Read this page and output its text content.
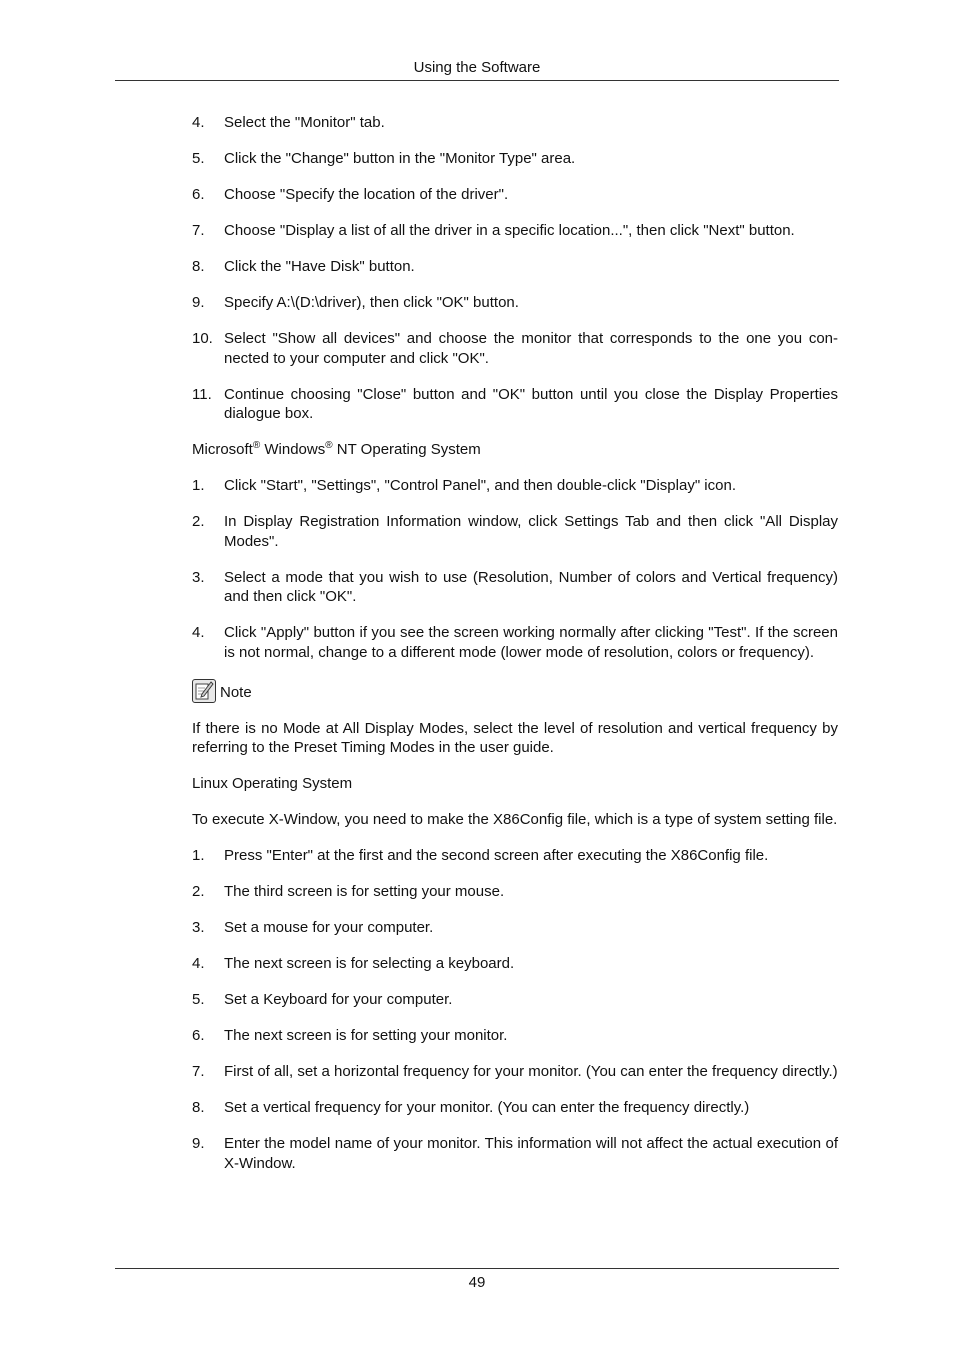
Using the Software
4.	Select the "Monitor" tab.
5.	Click the "Change" button in the "Monitor Type" area.
6.	Choose "Specify the location of the driver".
7.	Choose "Display a list of all the driver in a specific location...", then click "Next" button.
8.	Click the "Have Disk" button.
9.	Specify A:\(D:\driver), then click "OK" button.
10. Select "Show all devices" and choose the monitor that corresponds to the one you con-nected to your computer and click "OK".
11. Continue choosing "Close" button and "OK" button until you close the Display Properties dialogue box.

Microsoft® Windows® NT Operating System

1.	Click "Start", "Settings", "Control Panel", and then double-click "Display" icon.
2.	In Display Registration Information window, click Settings Tab and then click "All Display Modes".
3.	Select a mode that you wish to use (Resolution, Number of colors and Vertical frequency) and then click "OK".
4.	Click "Apply" button if you see the screen working normally after clicking "Test". If the screen is not normal, change to a different mode (lower mode of resolution, colors or frequency).
Note

If there is no Mode at All Display Modes, select the level of resolution and vertical frequency by referring to the Preset Timing Modes in the user guide.

Linux Operating System

To execute X-Window, you need to make the X86Config file, which is a type of system setting file.

1.	Press "Enter" at the first and the second screen after executing the X86Config file.
2.	The third screen is for setting your mouse.
3.	Set a mouse for your computer.
4.	The next screen is for selecting a keyboard.
5.	Set a Keyboard for your computer.
6.	The next screen is for setting your monitor.
7.	First of all, set a horizontal frequency for your monitor. (You can enter the frequency directly.)
8.	Set a vertical frequency for your monitor. (You can enter the frequency directly.)
9.	Enter the model name of your monitor. This information will not affect the actual execution of X-Window.
49
